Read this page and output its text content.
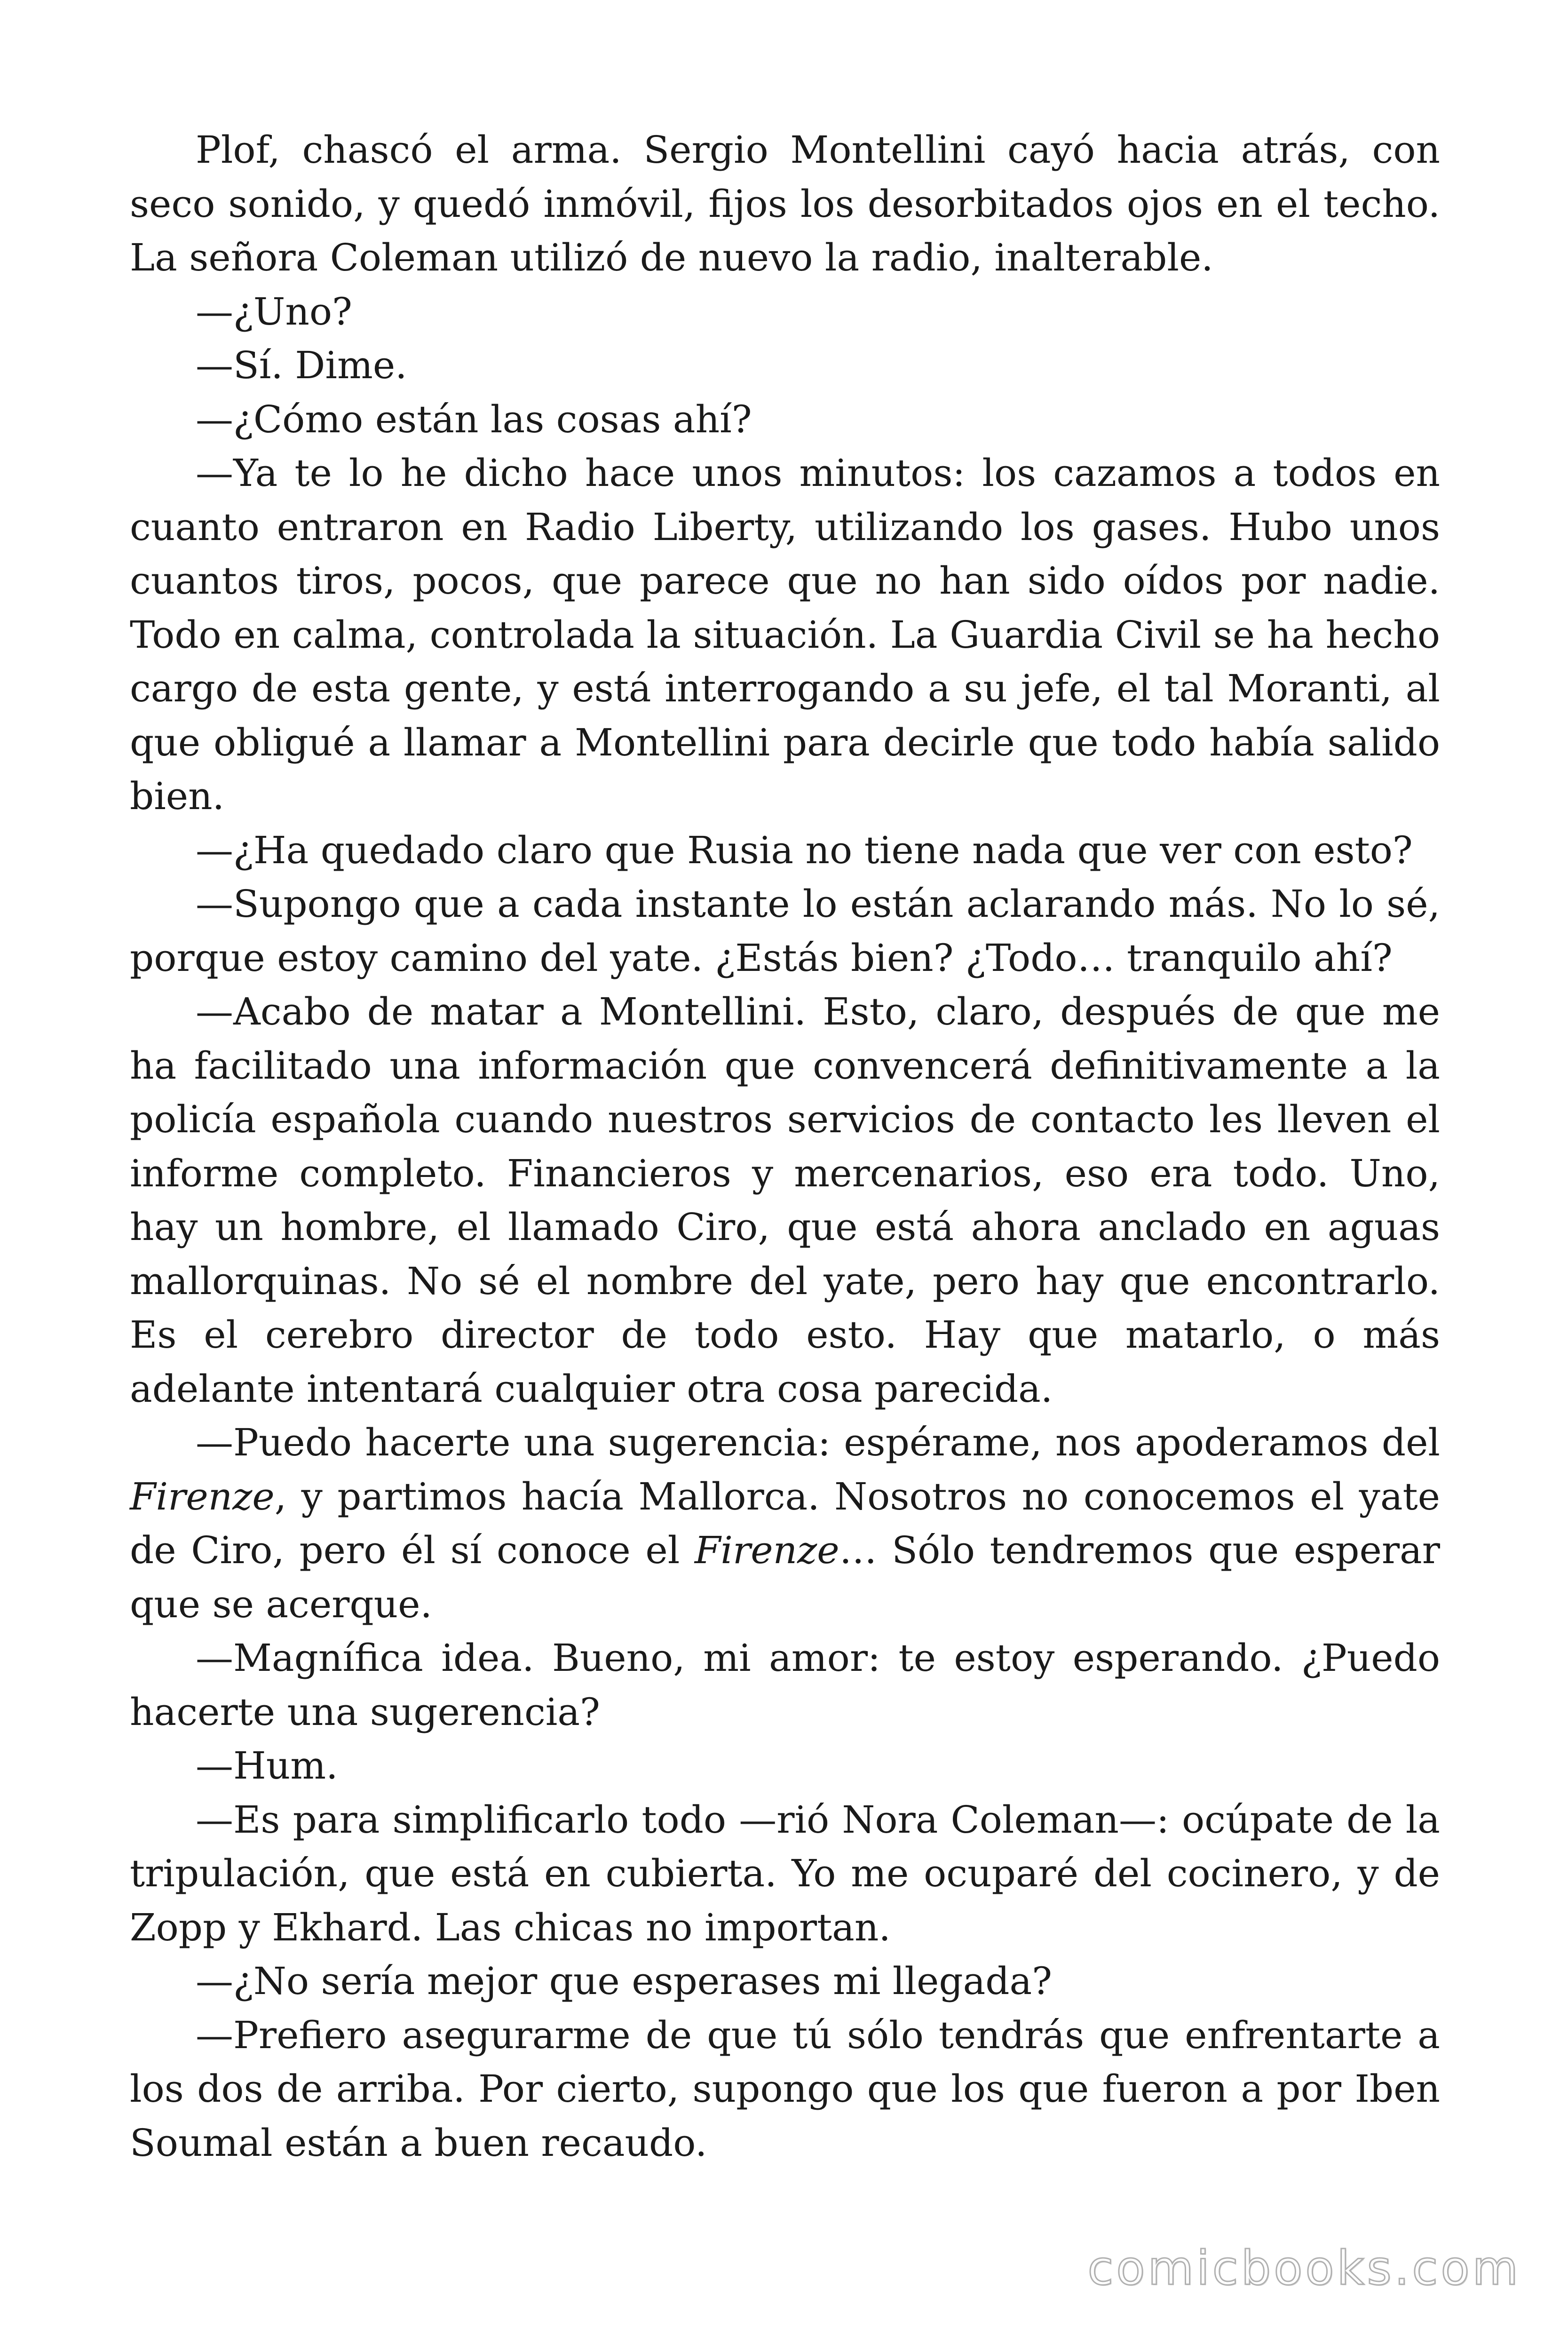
Plof, chascó el arma. Sergio Montellini cayó hacia atrás, con seco sonido, y quedó inmóvil, fijos los desorbitados ojos en el techo. La señora Coleman utilizó de nuevo la radio, inalterable.

—¿Uno?

—Sí. Dime.

—¿Cómo están las cosas ahí?

—Ya te lo he dicho hace unos minutos: los cazamos a todos en cuanto entraron en Radio Liberty, utilizando los gases. Hubo unos cuantos tiros, pocos, que parece que no han sido oídos por nadie. Todo en calma, controlada la situación. La Guardia Civil se ha hecho cargo de esta gente, y está interrogando a su jefe, el tal Moranti, al que obligué a llamar a Montellini para decirle que todo había salido bien.

—¿Ha quedado claro que Rusia no tiene nada que ver con esto?

—Supongo que a cada instante lo están aclarando más. No lo sé, porque estoy camino del yate. ¿Estás bien? ¿Todo… tranquilo ahí?

—Acabo de matar a Montellini. Esto, claro, después de que me ha facilitado una información que convencerá definitivamente a la policía española cuando nuestros servicios de contacto les lleven el informe completo. Financieros y mercenarios, eso era todo. Uno, hay un hombre, el llamado Ciro, que está ahora anclado en aguas mallorquinas. No sé el nombre del yate, pero hay que encontrarlo. Es el cerebro director de todo esto. Hay que matarlo, o más adelante intentará cualquier otra cosa parecida.

—Puedo hacerte una sugerencia: espérame, nos apoderamos del Firenze, y partimos hacía Mallorca. Nosotros no conocemos el yate de Ciro, pero él sí conoce el Firenze… Sólo tendremos que esperar que se acerque.

—Magnífica idea. Bueno, mi amor: te estoy esperando. ¿Puedo hacerte una sugerencia?

—Hum.

—Es para simplificarlo todo —rió Nora Coleman—: ocúpate de la tripulación, que está en cubierta. Yo me ocuparé del cocinero, y de Zopp y Ekhard. Las chicas no importan.

—¿No sería mejor que esperases mi llegada?

—Prefiero asegurarme de que tú sólo tendrás que enfrentarte a los dos de arriba. Por cierto, supongo que los que fueron a por Iben Soumal están a buen recaudo.

comicbooks.com
